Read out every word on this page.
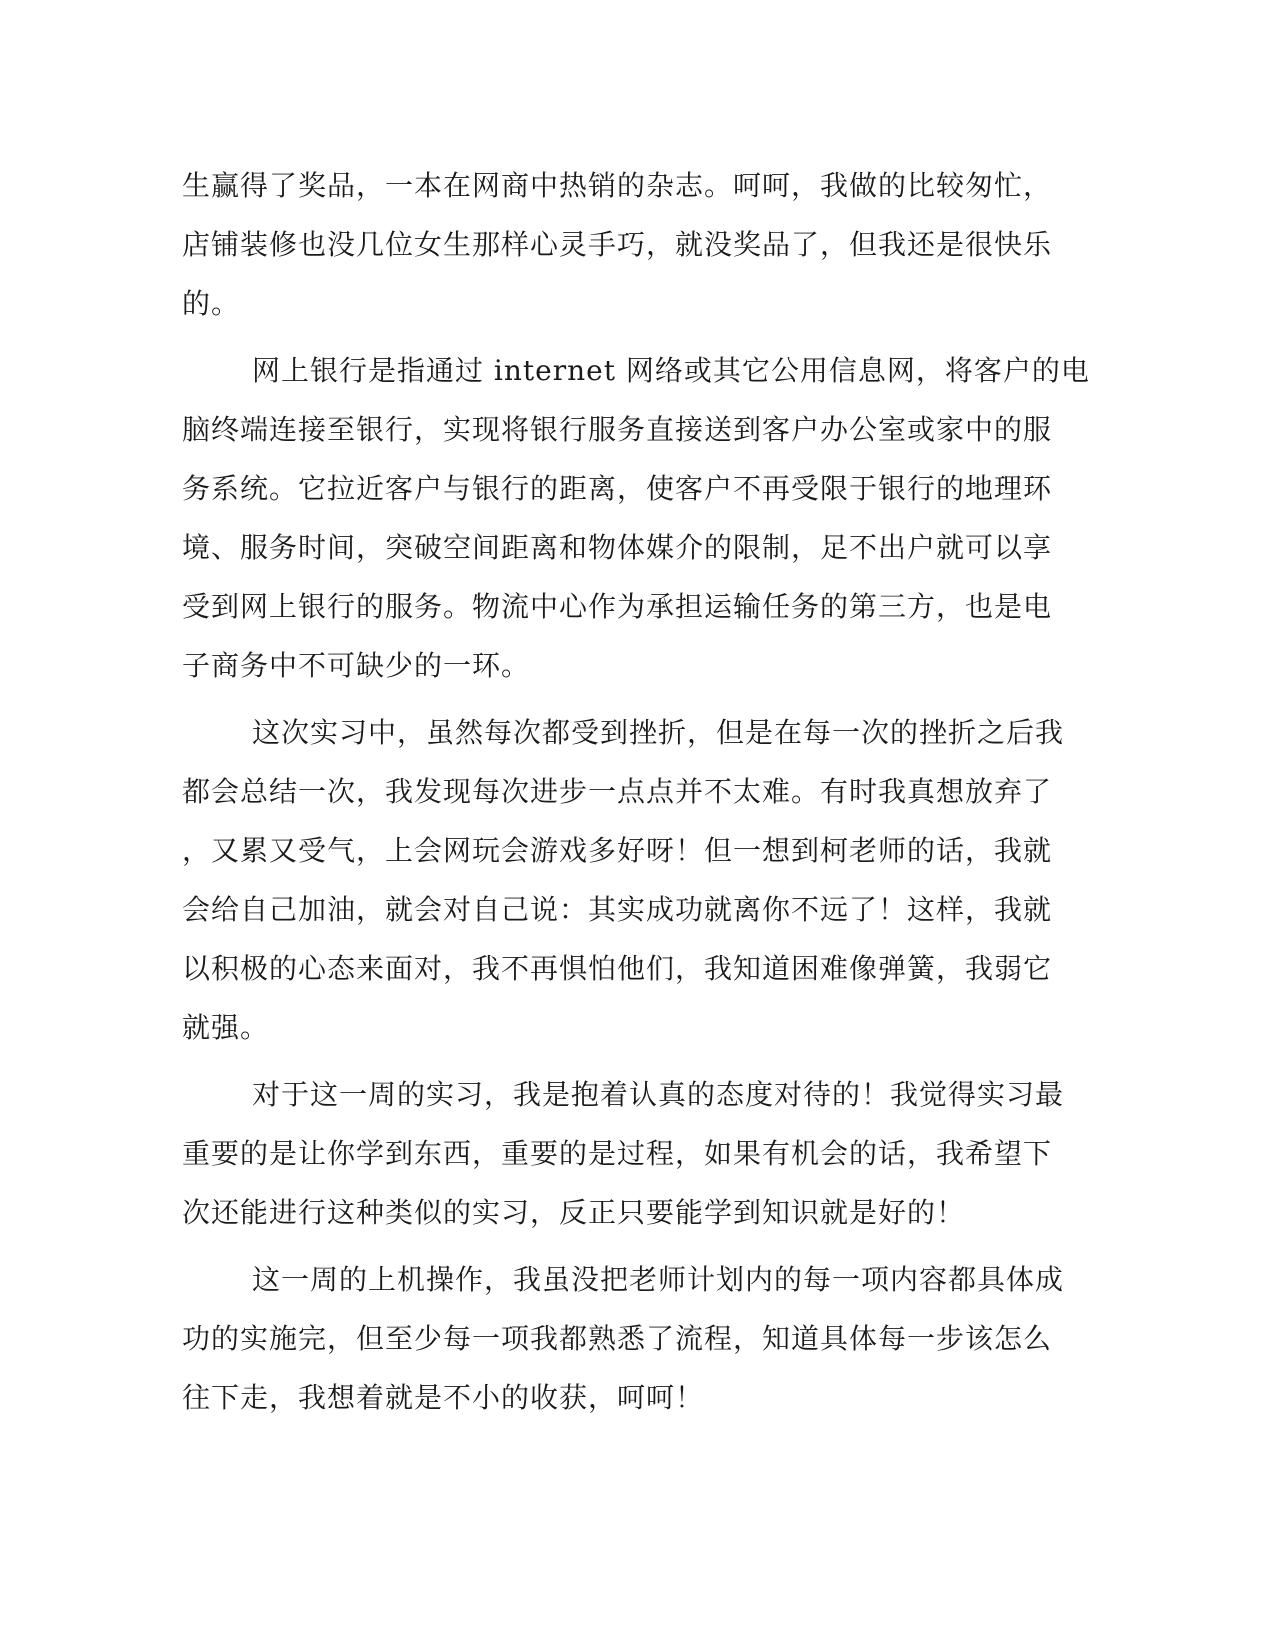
生赢得了奖品，一本在网商中热销的杂志。呵呵，我做的比较匆忙，
店铺装修也没几位女生那样心灵手巧，就没奖品了，但我还是很快乐
的。
网上银行是指通过 internet 网络或其它公用信息网，将客户的电
脑终端连接至银行，实现将银行服务直接送到客户办公室或家中的服
务系统。它拉近客户与银行的距离，使客户不再受限于银行的地理环
境、服务时间，突破空间距离和物体媒介的限制，足不出户就可以享
受到网上银行的服务。物流中心作为承担运输任务的第三方，也是电
子商务中不可缺少的一环。
这次实习中，虽然每次都受到挫折，但是在每一次的挫折之后我
都会总结一次，我发现每次进步一点点并不太难。有时我真想放弃了
，又累又受气，上会网玩会游戏多好呀！但一想到柯老师的话，我就
会给自己加油，就会对自己说：其实成功就离你不远了！这样，我就
以积极的心态来面对，我不再惧怕他们，我知道困难像弹簧，我弱它
就强。
对于这一周的实习，我是抱着认真的态度对待的！我觉得实习最
重要的是让你学到东西，重要的是过程，如果有机会的话，我希望下
次还能进行这种类似的实习，反正只要能学到知识就是好的！
这一周的上机操作，我虽没把老师计划内的每一项内容都具体成
功的实施完，但至少每一项我都熟悉了流程，知道具体每一步该怎么
往下走，我想着就是不小的收获，呵呵！
